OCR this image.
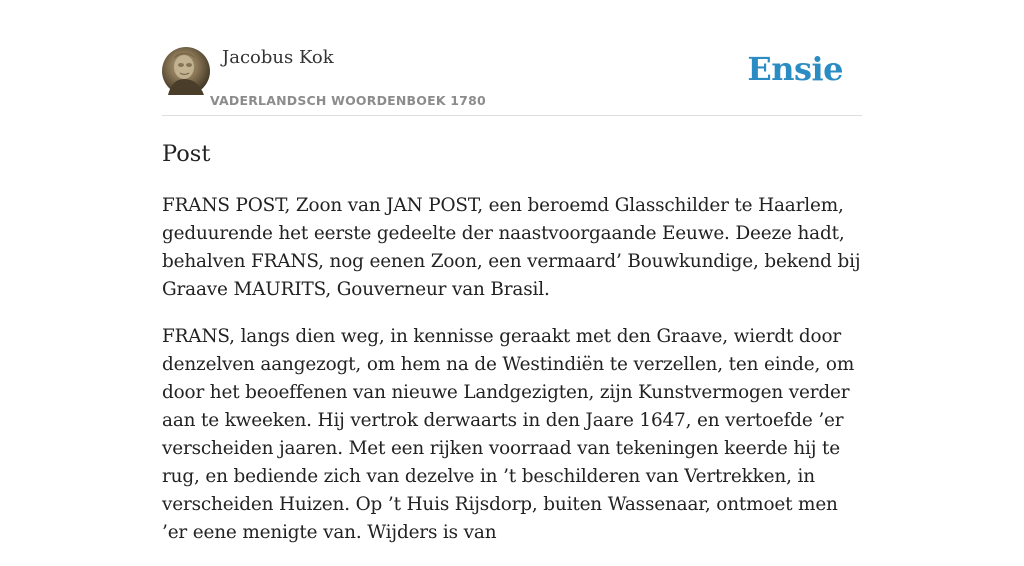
Jacobus Kok
VADERLANDSCH WOORDENBOEK 1780
Ensie
Post

FRANS POST, Zoon van JAN POST, een beroemd Glasschilder te Haarlem, geduurende het eerste gedeelte der naastvoorgaande Eeuwe. Deeze hadt, behalven FRANS, nog eenen Zoon, een vermaard’ Bouwkundige, bekend bij Graave MAURITS, Gouverneur van Brasil.

FRANS, langs dien weg, in kennisse geraakt met den Graave, wierdt door denzelven aangezogt, om hem na de Westindiën te verzellen, ten einde, om door het beoeffenen van nieuwe Landgezigten, zijn Kunstvermogen verder aan te kweeken. Hij vertrok derwaarts in den Jaare 1647, en vertoefde ’er verscheiden jaaren. Met een rijken voorraad van tekeningen keerde hij te rug, en bediende zich van dezelve in ’t beschilderen van Vertrekken, in verscheiden Huizen. Op ’t Huis Rijsdorp, buiten Wassenaar, ontmoet men ’er eene menigte van. Wijders is van
